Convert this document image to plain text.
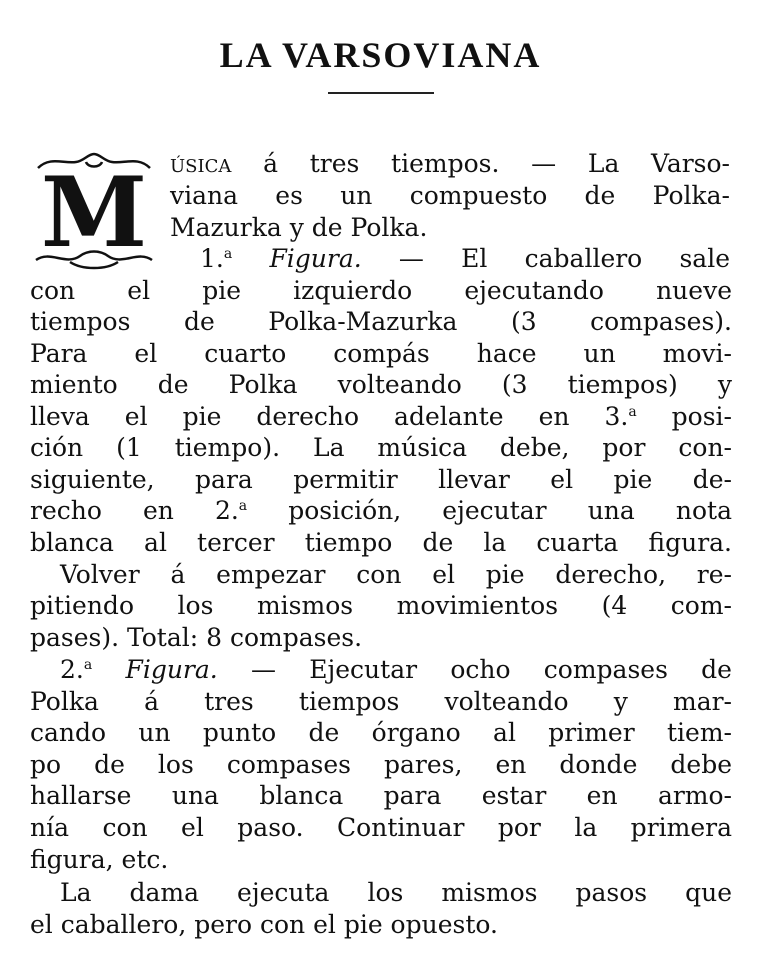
LA VARSOVIANA
M úsica á tres tiempos. — La Varso-
viana es un compuesto de Polka-
Mazurka y de Polka.
1.$^a$ Figura. — El caballero sale
con el pie izquierdo ejecutando nueve
tiempos de Polka-Mazurka (3 compases).
Para el cuarto compás hace un movi-
miento de Polka volteando (3 tiempos) y
lleva el pie derecho adelante en 3.$^a$ posi-
ción (1 tiempo). La música debe, por con-
siguiente, para permitir llevar el pie de-
recho en 2.$^a$ posición, ejecutar una nota
blanca al tercer tiempo de la cuarta figura.
Volver á empezar con el pie derecho, re-
pitiendo los mismos movimientos (4 com-
pases). Total: 8 compases.
2.$^a$ Figura. — Ejecutar ocho compases de
Polka á tres tiempos volteando y mar-
cando un punto de órgano al primer tiem-
po de los compases pares, en donde debe
hallarse una blanca para estar en armo-
nía con el paso. Continuar por la primera
figura, etc.
La dama ejecuta los mismos pasos que
el caballero, pero con el pie opuesto.
